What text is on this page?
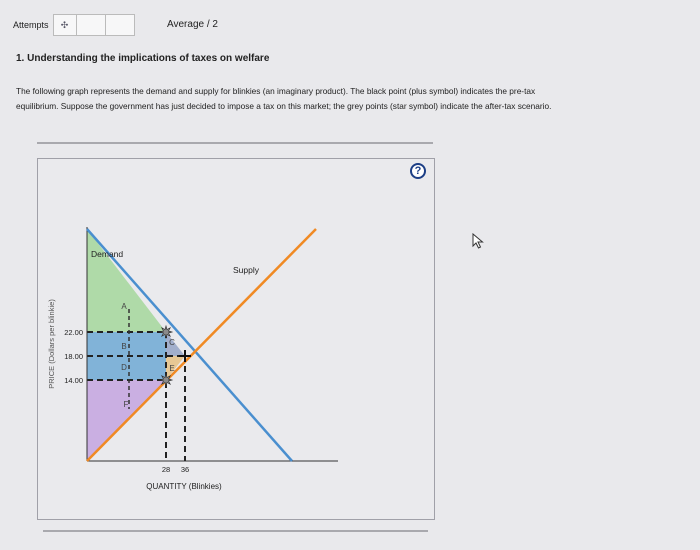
Attempts	✣	Average / 2
1. Understanding the implications of taxes on welfare
The following graph represents the demand and supply for blinkies (an imaginary product). The black point (plus symbol) indicates the pre-tax
equilibrium. Suppose the government has just decided to impose a tax on this market; the grey points (star symbol) indicate the after-tax scenario.
Demand
Supply
22.00
18.00
14.00
28 36
QUANTITY (Blinkies)
PRICE (Dollars per blinkie)	A
B	C
D	E
F
?
